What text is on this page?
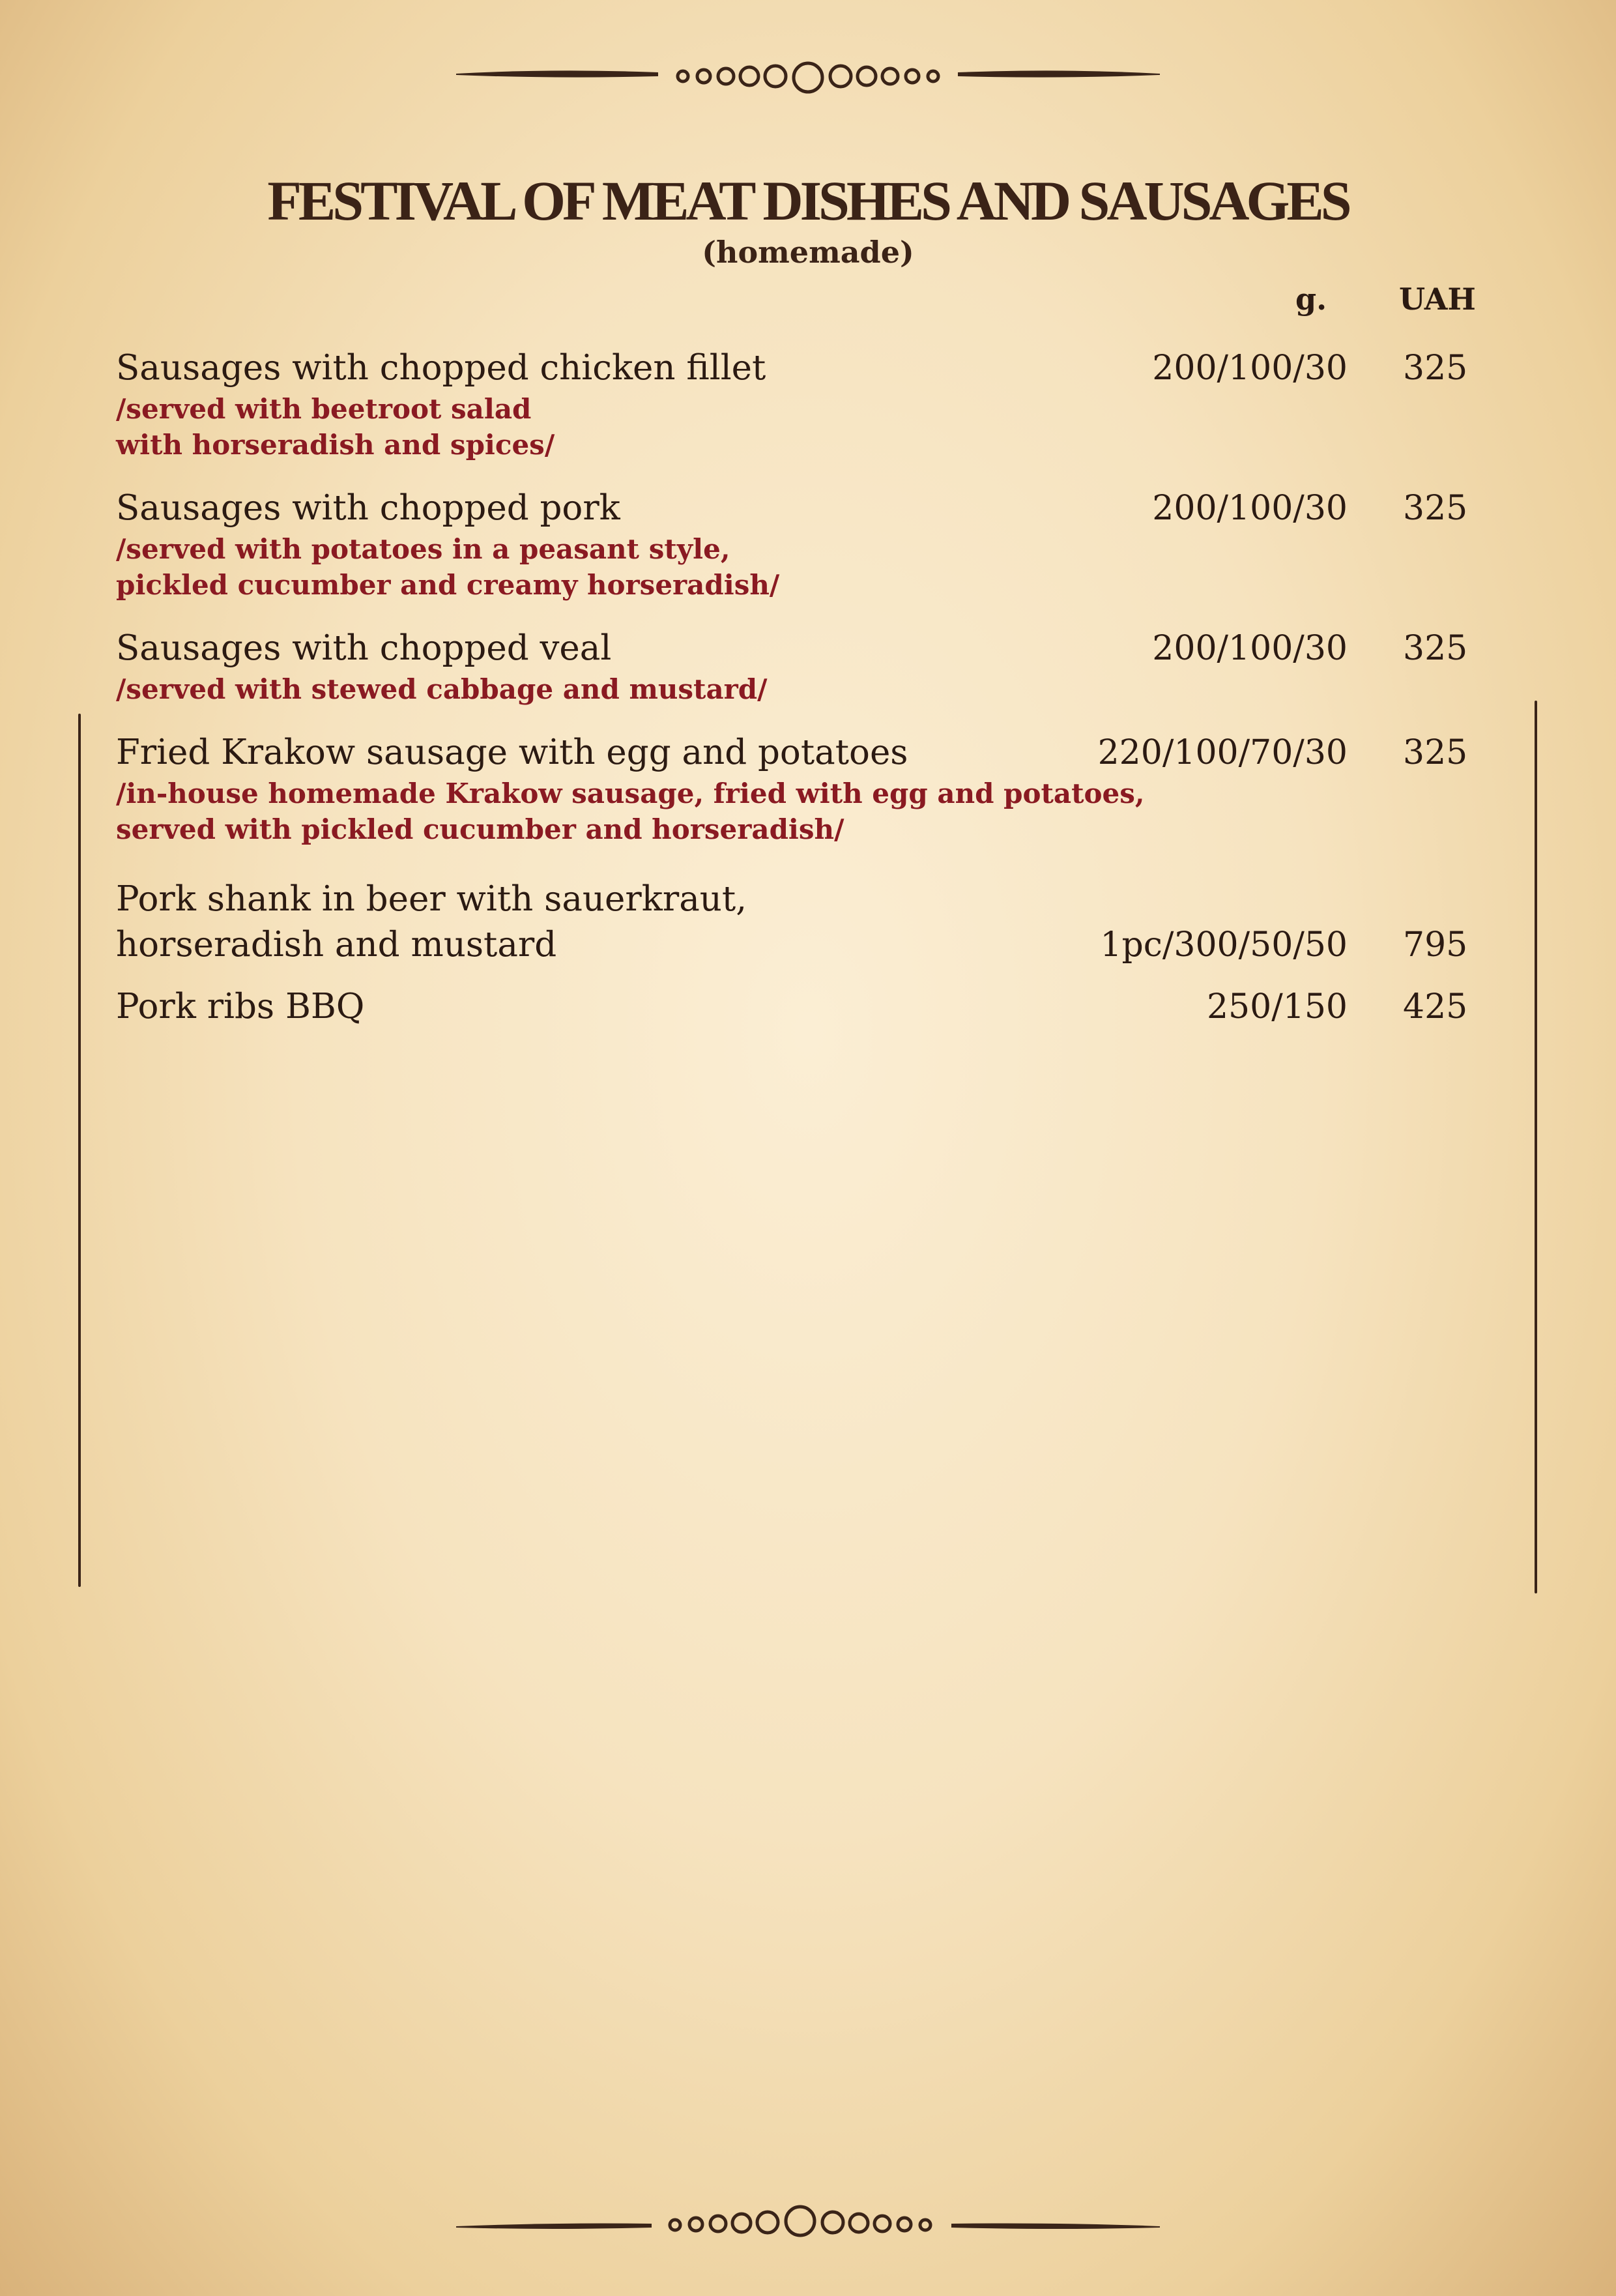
FESTIVAL OF MEAT DISHES AND SAUSAGES
(homemade)
g. UAH
Sausages with chopped chicken fillet	200/100/30 325
/served with beetroot salad
with horseradish and spices/
Sausages with chopped pork	200/100/30 325
/served with potatoes in a peasant style,
pickled cucumber and creamy horseradish/
Sausages with chopped veal	200/100/30 325
/served with stewed cabbage and mustard/
Fried Krakow sausage with egg and potatoes	220/100/70/30 325
/in-house homemade Krakow sausage, fried with egg and potatoes,
served with pickled cucumber and horseradish/
Pork shank in beer with sauerkraut,
horseradish and mustard	1pc/300/50/50 795
Pork ribs BBQ	250/150 425
